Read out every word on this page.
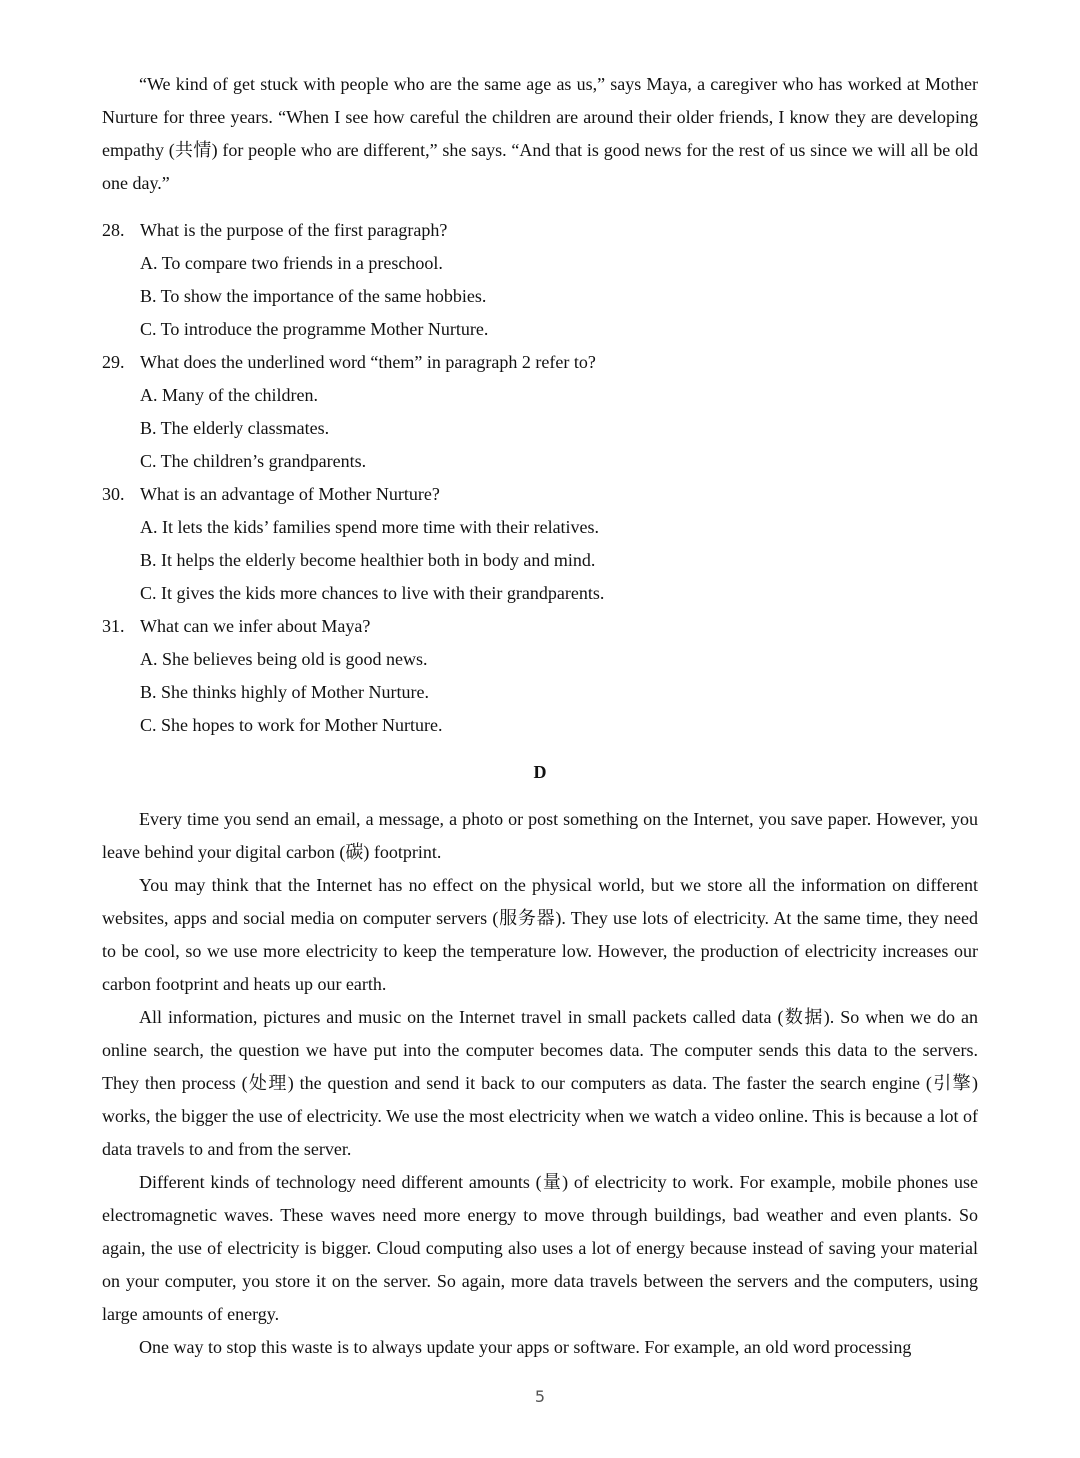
“We kind of get stuck with people who are the same age as us,” says Maya, a caregiver who has worked at Mother Nurture for three years. “When I see how careful the children are around their older friends, I know they are developing empathy (共情) for people who are different,” she says. “And that is good news for the rest of us since we will all be old one day.”

28. What is the purpose of the first paragraph?
A. To compare two friends in a preschool.
B. To show the importance of the same hobbies.
C. To introduce the programme Mother Nurture.
29. What does the underlined word “them” in paragraph 2 refer to?
A. Many of the children.
B. The elderly classmates.
C. The children’s grandparents.
30. What is an advantage of Mother Nurture?
A. It lets the kids’ families spend more time with their relatives.
B. It helps the elderly become healthier both in body and mind.
C. It gives the kids more chances to live with their grandparents.
31. What can we infer about Maya?
A. She believes being old is good news.
B. She thinks highly of Mother Nurture.
C. She hopes to work for Mother Nurture.
D

Every time you send an email, a message, a photo or post something on the Internet, you save paper. However, you leave behind your digital carbon (碳) footprint.

You may think that the Internet has no effect on the physical world, but we store all the information on different websites, apps and social media on computer servers (服务器). They use lots of electricity. At the same time, they need to be cool, so we use more electricity to keep the temperature low. However, the production of electricity increases our carbon footprint and heats up our earth.

All information, pictures and music on the Internet travel in small packets called data (数据). So when we do an online search, the question we have put into the computer becomes data. The computer sends this data to the servers. They then process (处理) the question and send it back to our computers as data. The faster the search engine (引擎) works, the bigger the use of electricity. We use the most electricity when we watch a video online. This is because a lot of data travels to and from the server.

Different kinds of technology need different amounts (量) of electricity to work. For example, mobile phones use electromagnetic waves. These waves need more energy to move through buildings, bad weather and even plants. So again, the use of electricity is bigger. Cloud computing also uses a lot of energy because instead of saving your material on your computer, you store it on the server. So again, more data travels between the servers and the computers, using large amounts of energy.

One way to stop this waste is to always update your apps or software. For example, an old word processing

5
